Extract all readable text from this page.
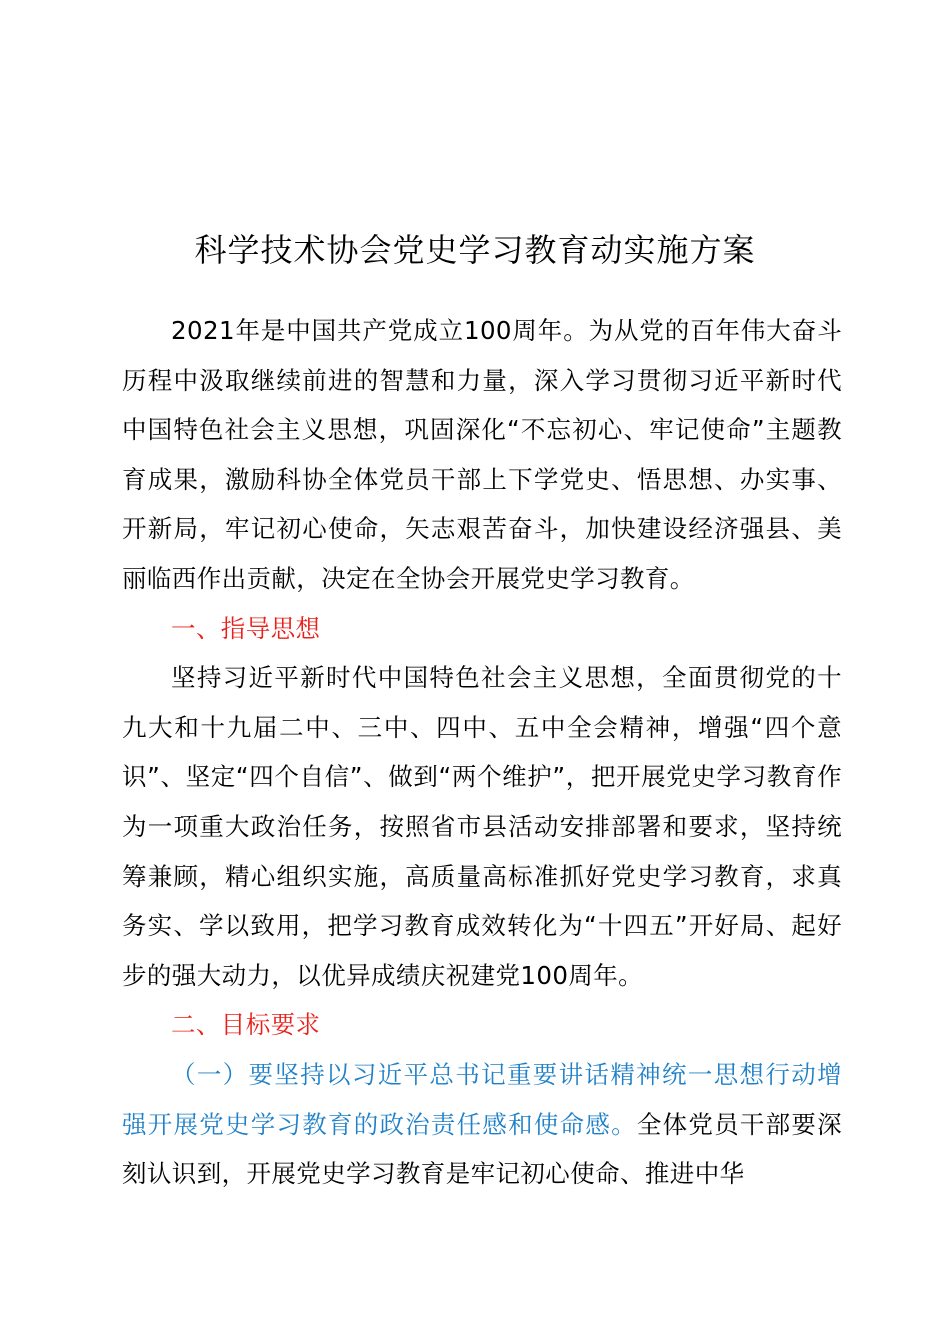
科学技术协会党史学习教育动实施方案

2021年是中国共产党成立100周年。为从党的百年伟大奋斗历程中汲取继续前进的智慧和力量，深入学习贯彻习近平新时代中国特色社会主义思想，巩固深化“不忘初心、牢记使命”主题教育成果，激励科协全体党员干部上下学党史、悟思想、办实事、开新局，牢记初心使命，矢志艰苦奋斗，加快建设经济强县、美丽临西作出贡献，决定在全协会开展党史学习教育。

一、指导思想

坚持习近平新时代中国特色社会主义思想，全面贯彻党的十九大和十九届二中、三中、四中、五中全会精神，增强“四个意识”、坚定“四个自信”、做到“两个维护”，把开展党史学习教育作为一项重大政治任务，按照省市县活动安排部署和要求，坚持统筹兼顾，精心组织实施，高质量高标准抓好党史学习教育，求真务实、学以致用，把学习教育成效转化为“十四五”开好局、起好步的强大动力，以优异成绩庆祝建党100周年。

二、目标要求

（一）要坚持以习近平总书记重要讲话精神统一思想行动增强开展党史学习教育的政治责任感和使命感。全体党员干部要深刻认识到，开展党史学习教育是牢记初心使命、推进中华
